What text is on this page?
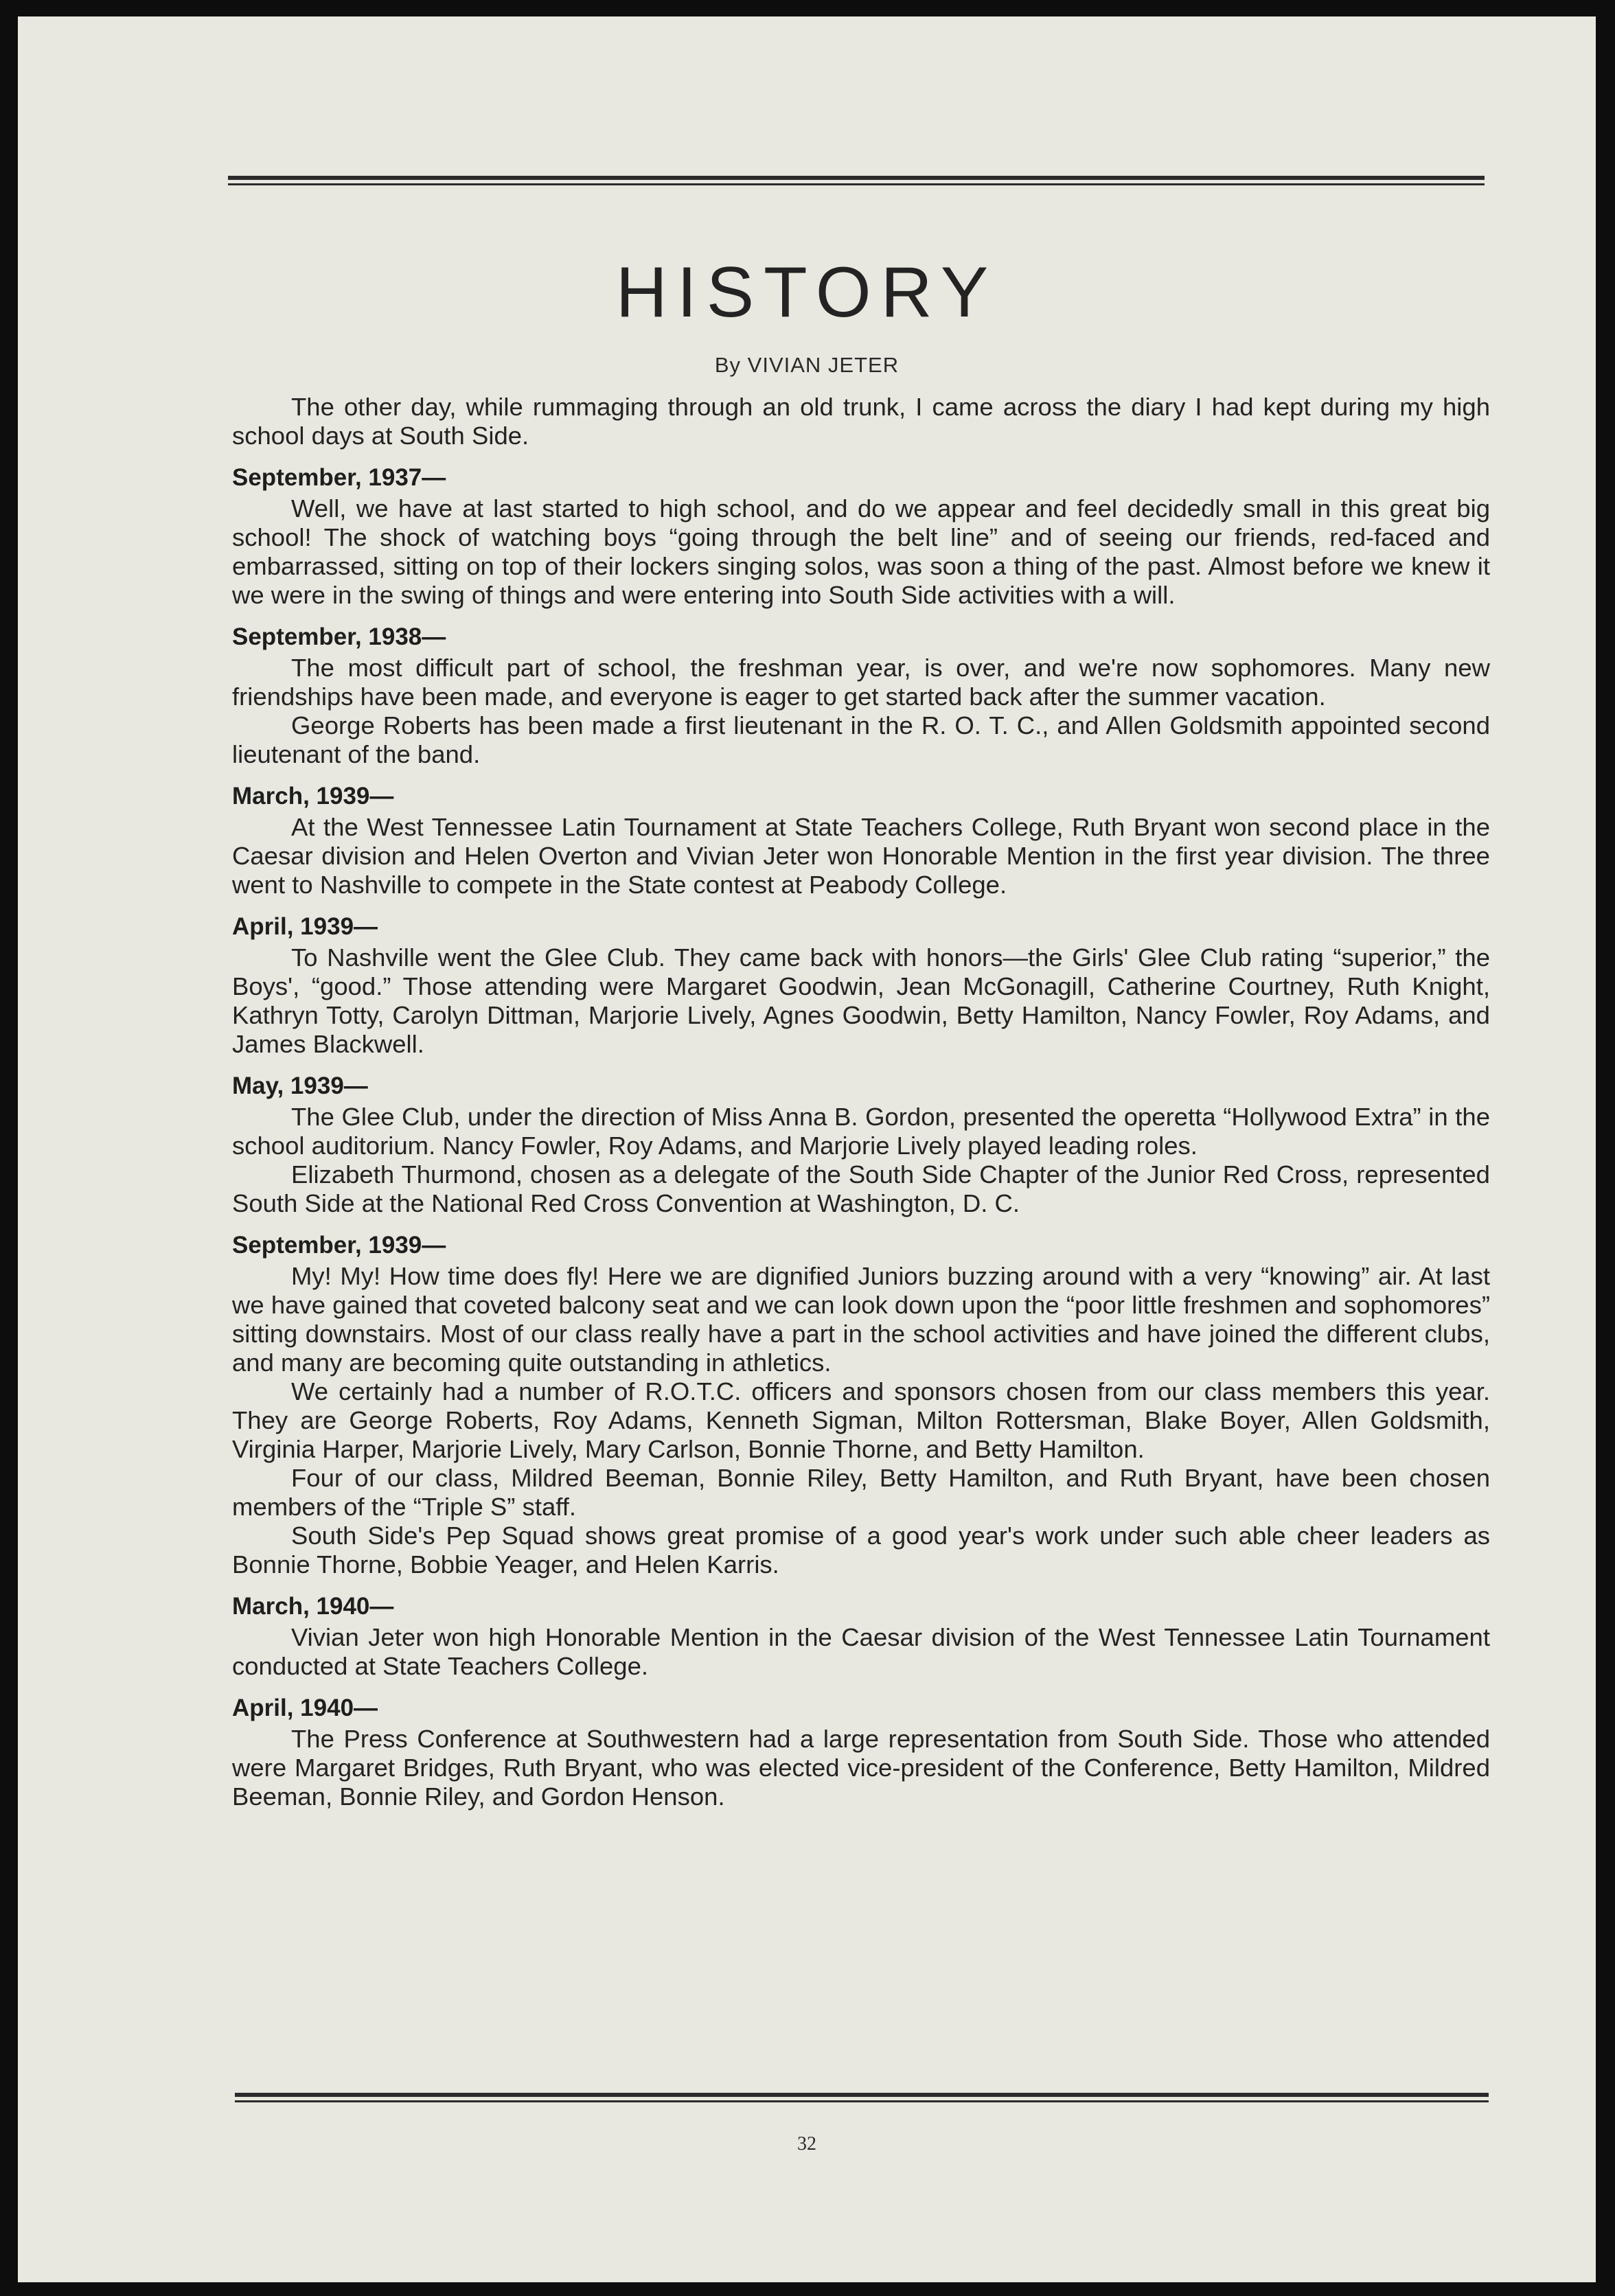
HISTORY
By VIVIAN JETER

The other day, while rummaging through an old trunk, I came across the diary I had kept during my high school days at South Side.

September, 1937—

Well, we have at last started to high school, and do we appear and feel decidedly small in this great big school! The shock of watching boys “going through the belt line” and of seeing our friends, red-faced and embarrassed, sitting on top of their lockers singing solos, was soon a thing of the past. Almost before we knew it we were in the swing of things and were entering into South Side activities with a will.

September, 1938—

The most difficult part of school, the freshman year, is over, and we're now sophomores. Many new friendships have been made, and everyone is eager to get started back after the summer vacation.

George Roberts has been made a first lieutenant in the R. O. T. C., and Allen Goldsmith appointed second lieutenant of the band.

March, 1939—

At the West Tennessee Latin Tournament at State Teachers College, Ruth Bryant won second place in the Caesar division and Helen Overton and Vivian Jeter won Honorable Mention in the first year division. The three went to Nashville to compete in the State contest at Peabody College.

April, 1939—

To Nashville went the Glee Club. They came back with honors—the Girls' Glee Club rating “superior,” the Boys', “good.” Those attending were Margaret Goodwin, Jean McGonagill, Catherine Courtney, Ruth Knight, Kathryn Totty, Carolyn Dittman, Marjorie Lively, Agnes Goodwin, Betty Hamilton, Nancy Fowler, Roy Adams, and James Blackwell.

May, 1939—

The Glee Club, under the direction of Miss Anna B. Gordon, presented the operetta “Hollywood Extra” in the school auditorium. Nancy Fowler, Roy Adams, and Marjorie Lively played leading roles.

Elizabeth Thurmond, chosen as a delegate of the South Side Chapter of the Junior Red Cross, represented South Side at the National Red Cross Convention at Washington, D. C.

September, 1939—

My! My! How time does fly! Here we are dignified Juniors buzzing around with a very “knowing” air. At last we have gained that coveted balcony seat and we can look down upon the “poor little freshmen and sophomores” sitting downstairs. Most of our class really have a part in the school activities and have joined the different clubs, and many are becoming quite outstanding in athletics.

We certainly had a number of R.O.T.C. officers and sponsors chosen from our class members this year. They are George Roberts, Roy Adams, Kenneth Sigman, Milton Rottersman, Blake Boyer, Allen Goldsmith, Virginia Harper, Marjorie Lively, Mary Carlson, Bonnie Thorne, and Betty Hamilton.

Four of our class, Mildred Beeman, Bonnie Riley, Betty Hamilton, and Ruth Bryant, have been chosen members of the “Triple S” staff.

South Side's Pep Squad shows great promise of a good year's work under such able cheer leaders as Bonnie Thorne, Bobbie Yeager, and Helen Karris.

March, 1940—

Vivian Jeter won high Honorable Mention in the Caesar division of the West Tennessee Latin Tournament conducted at State Teachers College.

April, 1940—

The Press Conference at Southwestern had a large representation from South Side. Those who attended were Margaret Bridges, Ruth Bryant, who was elected vice-president of the Conference, Betty Hamilton, Mildred Beeman, Bonnie Riley, and Gordon Henson.

32
